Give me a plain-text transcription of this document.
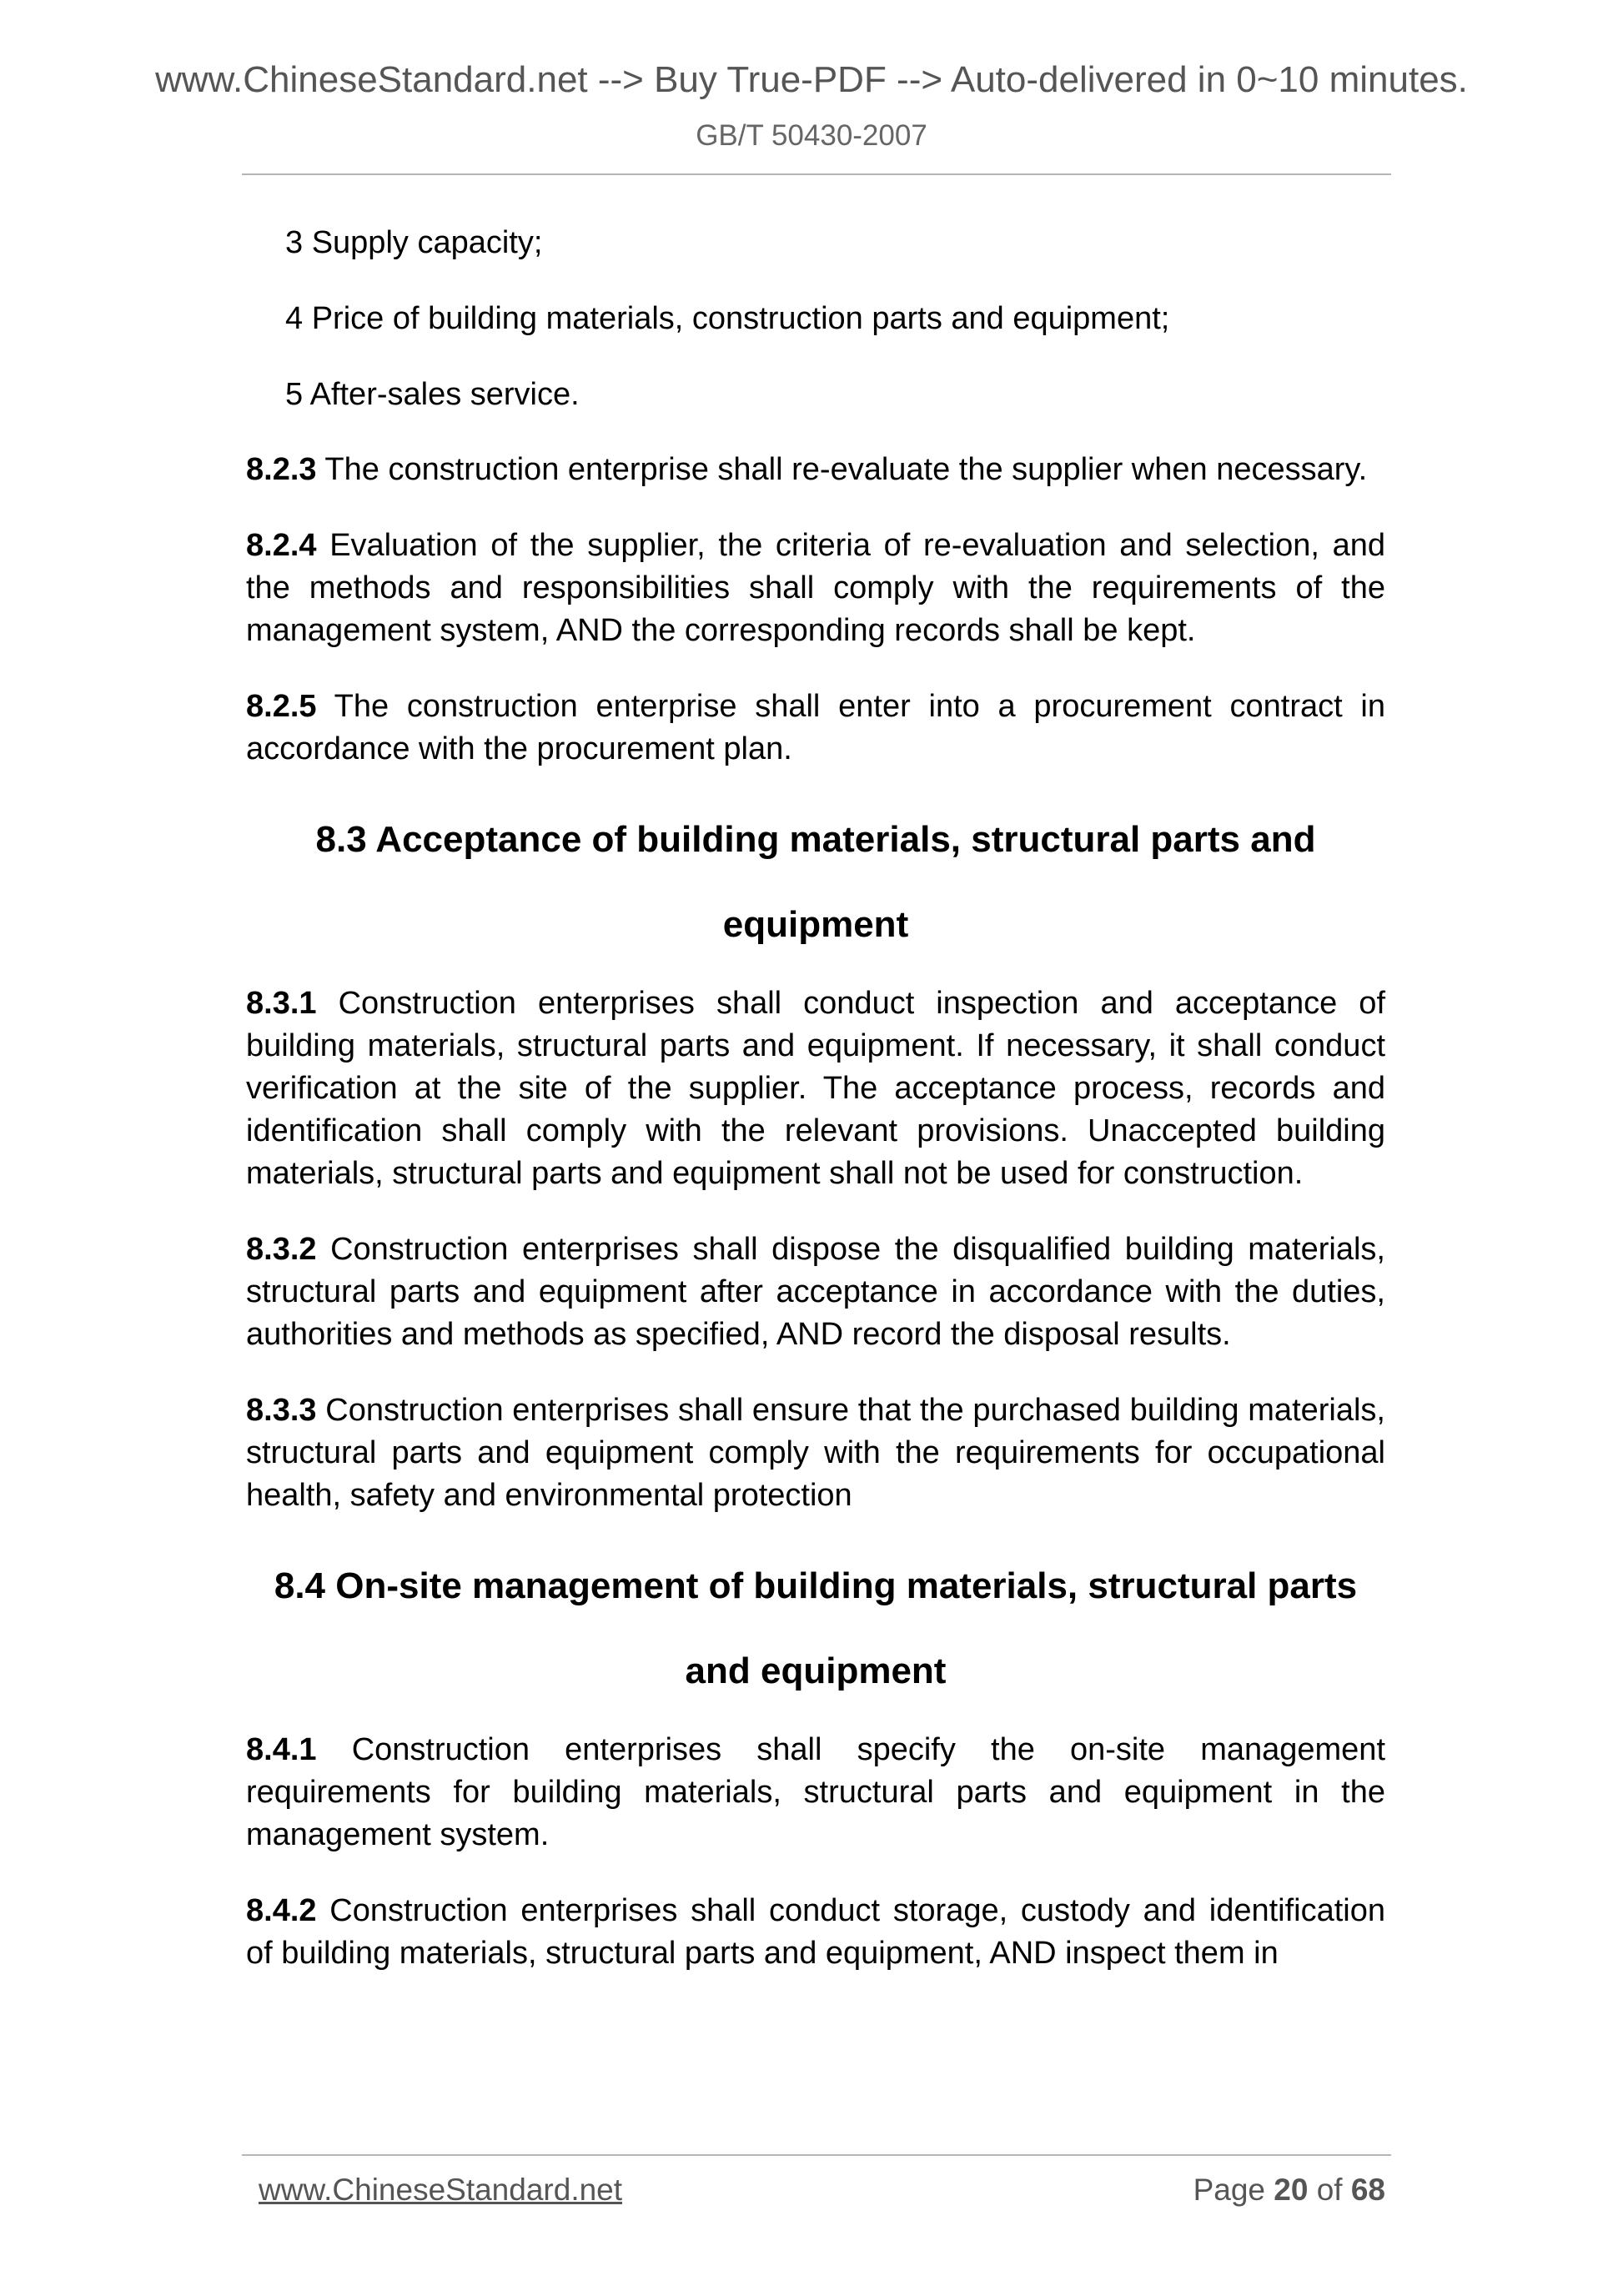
www.ChineseStandard.net --> Buy True-PDF --> Auto-delivered in 0~10 minutes.
GB/T 50430-2007

3 Supply capacity;

4 Price of building materials, construction parts and equipment;

5 After-sales service.

8.2.3 The construction enterprise shall re-evaluate the supplier when necessary.

8.2.4 Evaluation of the supplier, the criteria of re-evaluation and selection, and the methods and responsibilities shall comply with the requirements of the management system, AND the corresponding records shall be kept.

8.2.5 The construction enterprise shall enter into a procurement contract in accordance with the procurement plan.

8.3 Acceptance of building materials, structural parts and equipment

8.3.1 Construction enterprises shall conduct inspection and acceptance of building materials, structural parts and equipment. If necessary, it shall conduct verification at the site of the supplier. The acceptance process, records and identification shall comply with the relevant provisions. Unaccepted building materials, structural parts and equipment shall not be used for construction.

8.3.2 Construction enterprises shall dispose the disqualified building materials, structural parts and equipment after acceptance in accordance with the duties, authorities and methods as specified, AND record the disposal results.

8.3.3 Construction enterprises shall ensure that the purchased building materials, structural parts and equipment comply with the requirements for occupational health, safety and environmental protection

8.4 On-site management of building materials, structural parts and equipment

8.4.1 Construction enterprises shall specify the on-site management requirements for building materials, structural parts and equipment in the management system.

8.4.2 Construction enterprises shall conduct storage, custody and identification of building materials, structural parts and equipment, AND inspect them in

www.ChineseStandard.net	Page 20 of 68
